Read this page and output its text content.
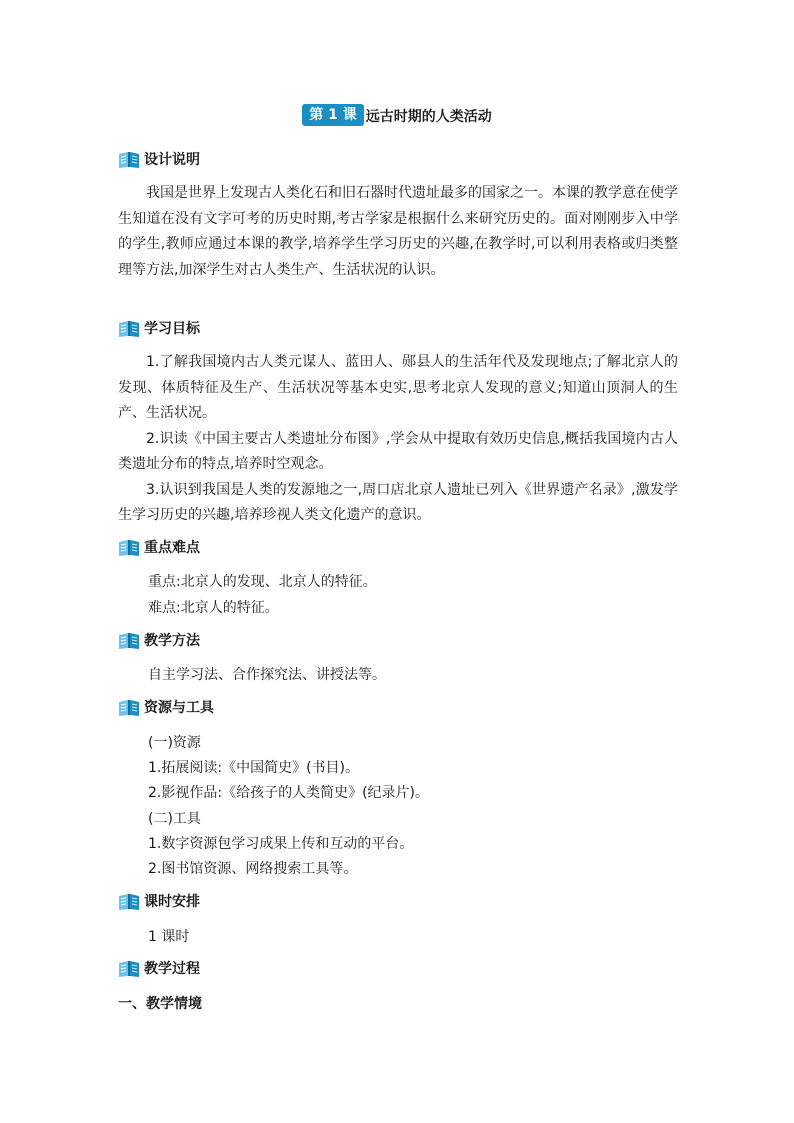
第 1 课 远古时期的人类活动
设计说明

我国是世界上发现古人类化石和旧石器时代遗址最多的国家之一。本课的教学意在使学生知道在没有文字可考的历史时期,考古学家是根据什么来研究历史的。面对刚刚步入中学的学生,教师应通过本课的教学,培养学生学习历史的兴趣,在教学时,可以利用表格或归类整理等方法,加深学生对古人类生产、生活状况的认识。

学习目标

1.了解我国境内古人类元谋人、蓝田人、郧县人的生活年代及发现地点;了解北京人的发现、体质特征及生产、生活状况等基本史实,思考北京人发现的意义;知道山顶洞人的生产、生活状况。

2.识读《中国主要古人类遗址分布图》,学会从中提取有效历史信息,概括我国境内古人类遗址分布的特点,培养时空观念。

3.认识到我国是人类的发源地之一,周口店北京人遗址已列入《世界遗产名录》,激发学生学习历史的兴趣,培养珍视人类文化遗产的意识。

重点难点
重点:北京人的发现、北京人的特征。
难点:北京人的特征。
教学方法
自主学习法、合作探究法、讲授法等。
资源与工具
(一)资源
1.拓展阅读:《中国简史》(书目)。
2.影视作品:《给孩子的人类简史》(纪录片)。
(二)工具
1.数字资源包学习成果上传和互动的平台。
2.图书馆资源、网络搜索工具等。
课时安排
1 课时
教学过程
一、教学情境
